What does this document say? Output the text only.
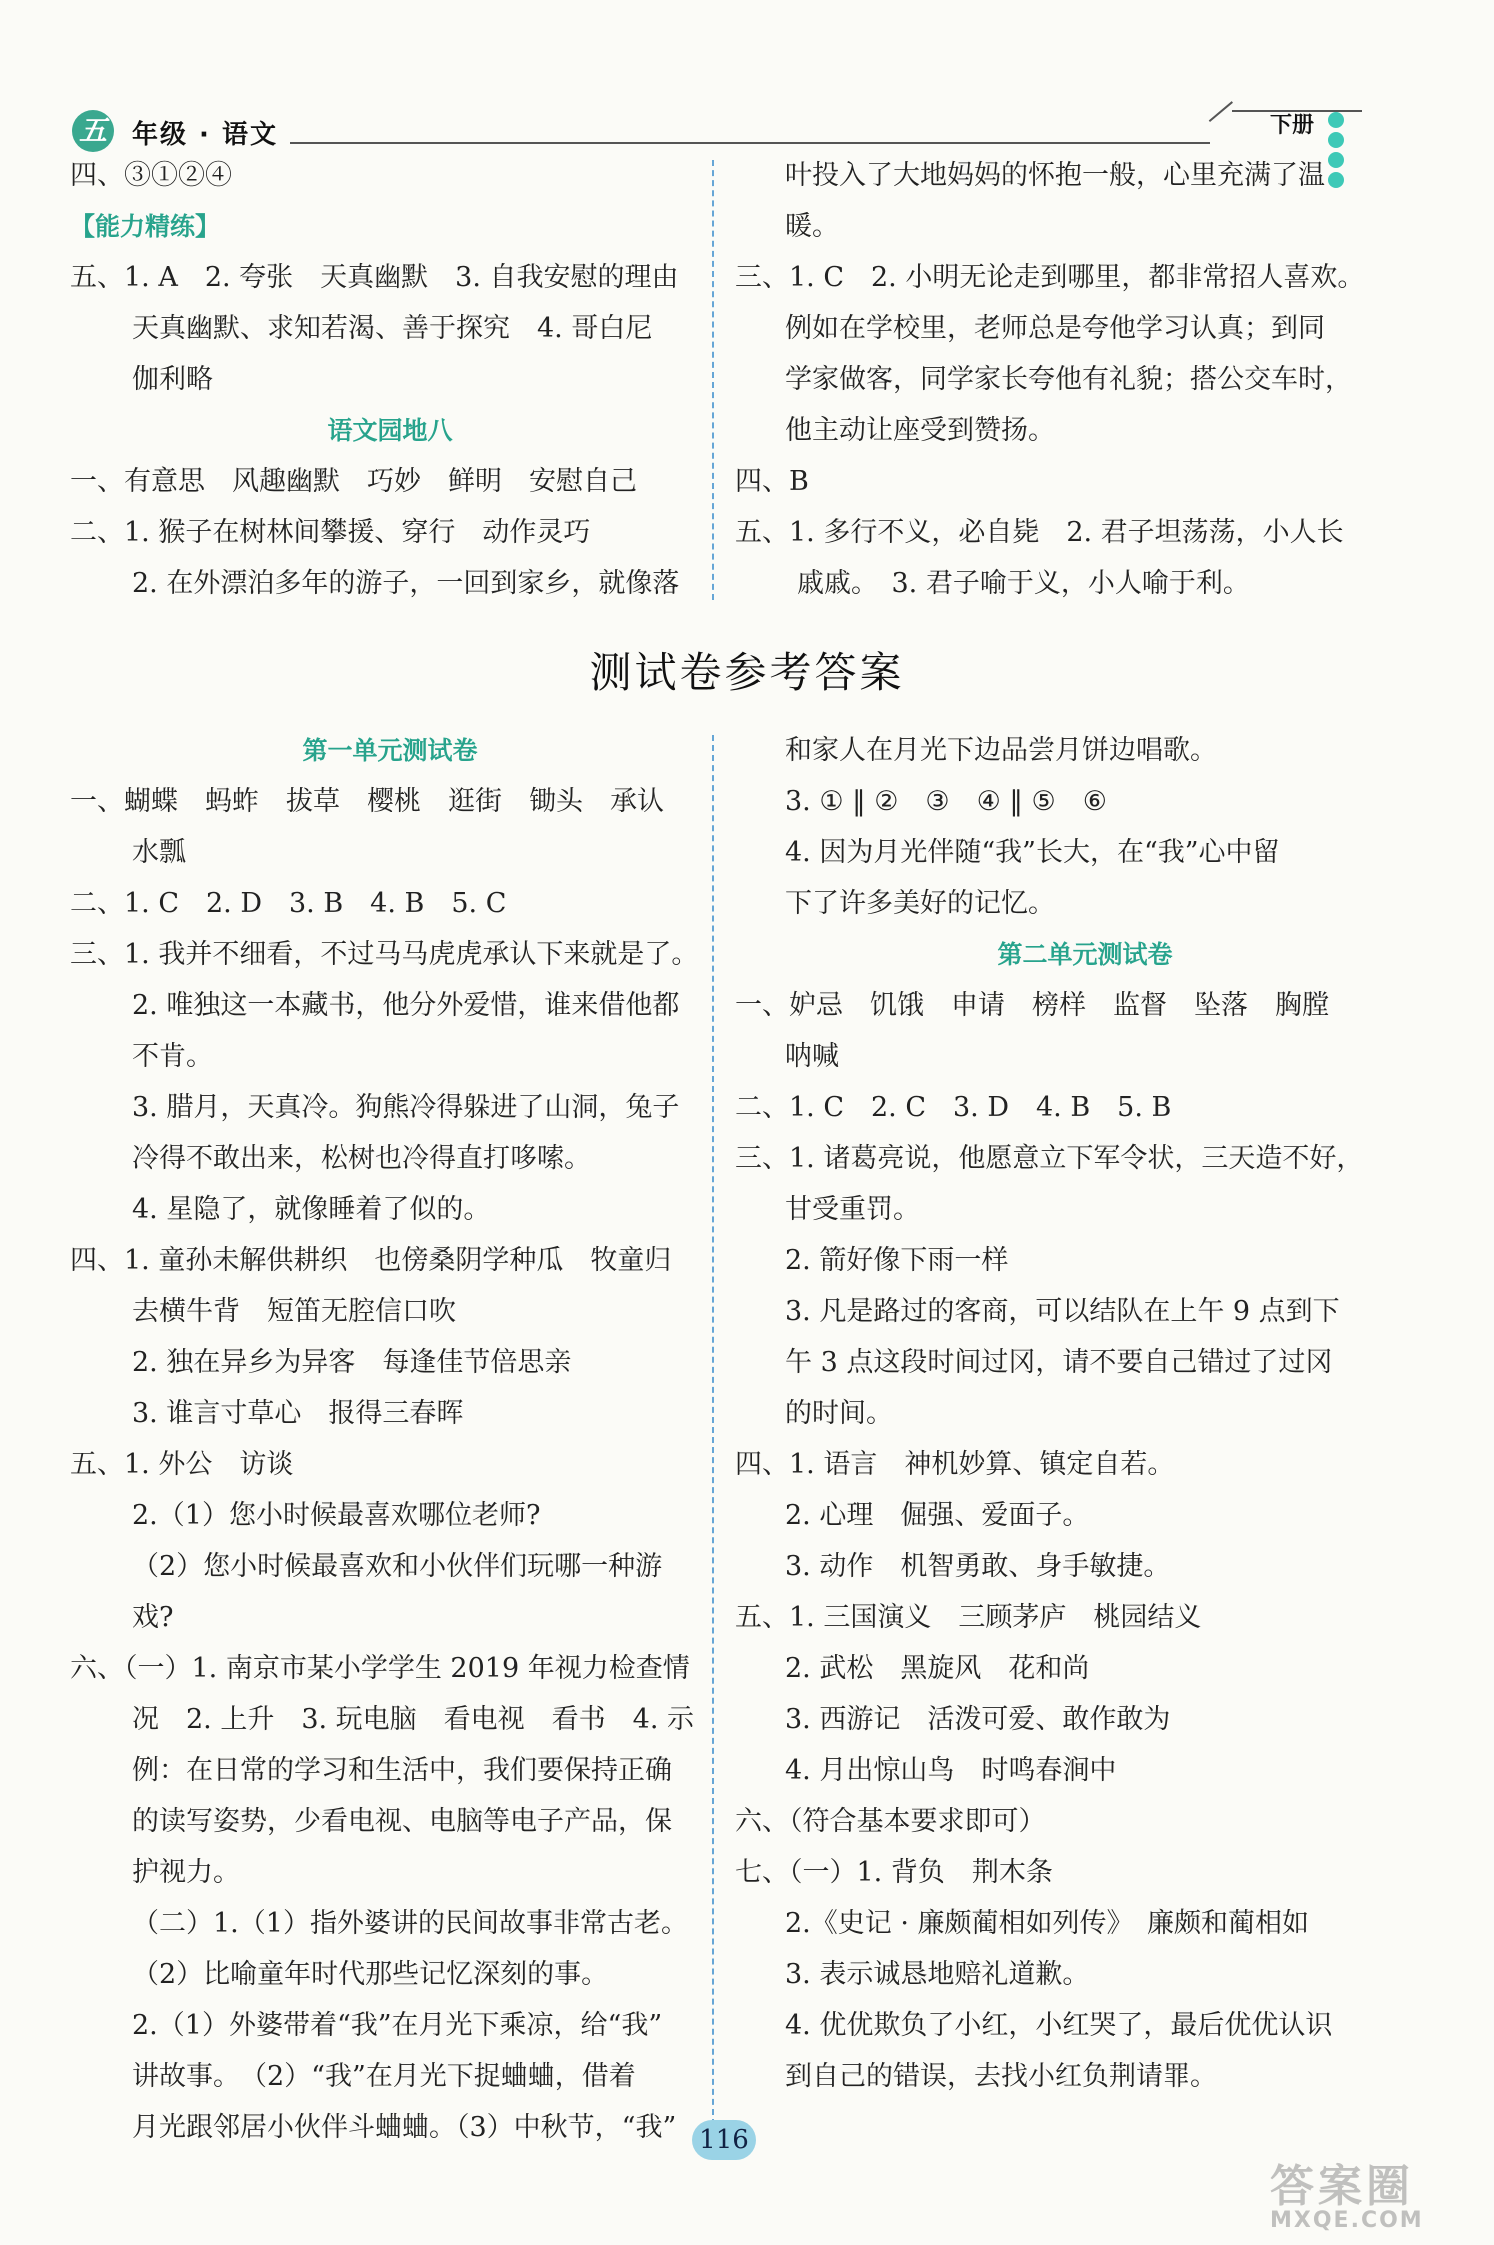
五 年级 · 语文	下册
四、③①②④
【能力精练】
五、1. A　2. 夸张　天真幽默　3. 自我安慰的理由
天真幽默、求知若渴、善于探究　4. 哥白尼
伽利略
语文园地八
一、有意思　风趣幽默　巧妙　鲜明　安慰自己
二、1. 猴子在树林间攀援、穿行　动作灵巧
2. 在外漂泊多年的游子，一回到家乡，就像落
叶投入了大地妈妈的怀抱一般，心里充满了温
暖。
三、1. C　2. 小明无论走到哪里，都非常招人喜欢。
例如在学校里，老师总是夸他学习认真；到同
学家做客，同学家长夸他有礼貌；搭公交车时，
他主动让座受到赞扬。
四、B
五、1. 多行不义，必自毙　2. 君子坦荡荡，小人长
戚戚。　3. 君子喻于义，小人喻于利。
测试卷参考答案
第一单元测试卷
一、蝴蝶　蚂蚱　拔草　樱桃　逛街　锄头　承认
水瓢
二、1. C　2. D　3. B　4. B　5. C
三、1. 我并不细看，不过马马虎虎承认下来就是了。
2. 唯独这一本藏书，他分外爱惜，谁来借他都
不肯。
3. 腊月，天真冷。狗熊冷得躲进了山洞，兔子
冷得不敢出来，松树也冷得直打哆嗦。
4. 星隐了，就像睡着了似的。
四、1. 童孙未解供耕织　也傍桑阴学种瓜　牧童归
去横牛背　短笛无腔信口吹
2. 独在异乡为异客　每逢佳节倍思亲
3. 谁言寸草心　报得三春晖
五、1. 外公　访谈
2.（1）您小时候最喜欢哪位老师?
（2）您小时候最喜欢和小伙伴们玩哪一种游
戏?
六、（一）1. 南京市某小学学生 2019 年视力检查情
况　2. 上升　3. 玩电脑　看电视　看书　4. 示
例：在日常的学习和生活中，我们要保持正确
的读写姿势，少看电视、电脑等电子产品，保
护视力。
（二）1.（1）指外婆讲的民间故事非常古老。
（2）比喻童年时代那些记忆深刻的事。
2.（1）外婆带着“我”在月光下乘凉，给“我”
讲故事。　（2）“我”在月光下捉蛐蛐，借着
月光跟邻居小伙伴斗蛐蛐。（3）中秋节，“我”
和家人在月光下边品尝月饼边唱歌。
3. ① ‖ ②　③　④ ‖ ⑤　⑥
4. 因为月光伴随“我”长大，在“我”心中留
下了许多美好的记忆。
第二单元测试卷
一、妒忌　饥饿　申请　榜样　监督　坠落　胸膛
呐喊
二、1. C　2. C　3. D　4. B　5. B
三、1. 诸葛亮说，他愿意立下军令状，三天造不好，
甘受重罚。
2. 箭好像下雨一样
3. 凡是路过的客商，可以结队在上午 9 点到下
午 3 点这段时间过冈，请不要自己错过了过冈
的时间。
四、1. 语言　神机妙算、镇定自若。
2. 心理　倔强、爱面子。
3. 动作　机智勇敢、身手敏捷。
五、1. 三国演义　三顾茅庐　桃园结义
2. 武松　黑旋风　花和尚
3. 西游记　活泼可爱、敢作敢为
4. 月出惊山鸟　时鸣春涧中
六、（符合基本要求即可）
七、（一）1. 背负　荆木条
2.《史记 · 廉颇蔺相如列传》　廉颇和蔺相如
3. 表示诚恳地赔礼道歉。
4. 优优欺负了小红，小红哭了，最后优优认识
到自己的错误，去找小红负荆请罪。
116
答案圈
MXQE.COM
